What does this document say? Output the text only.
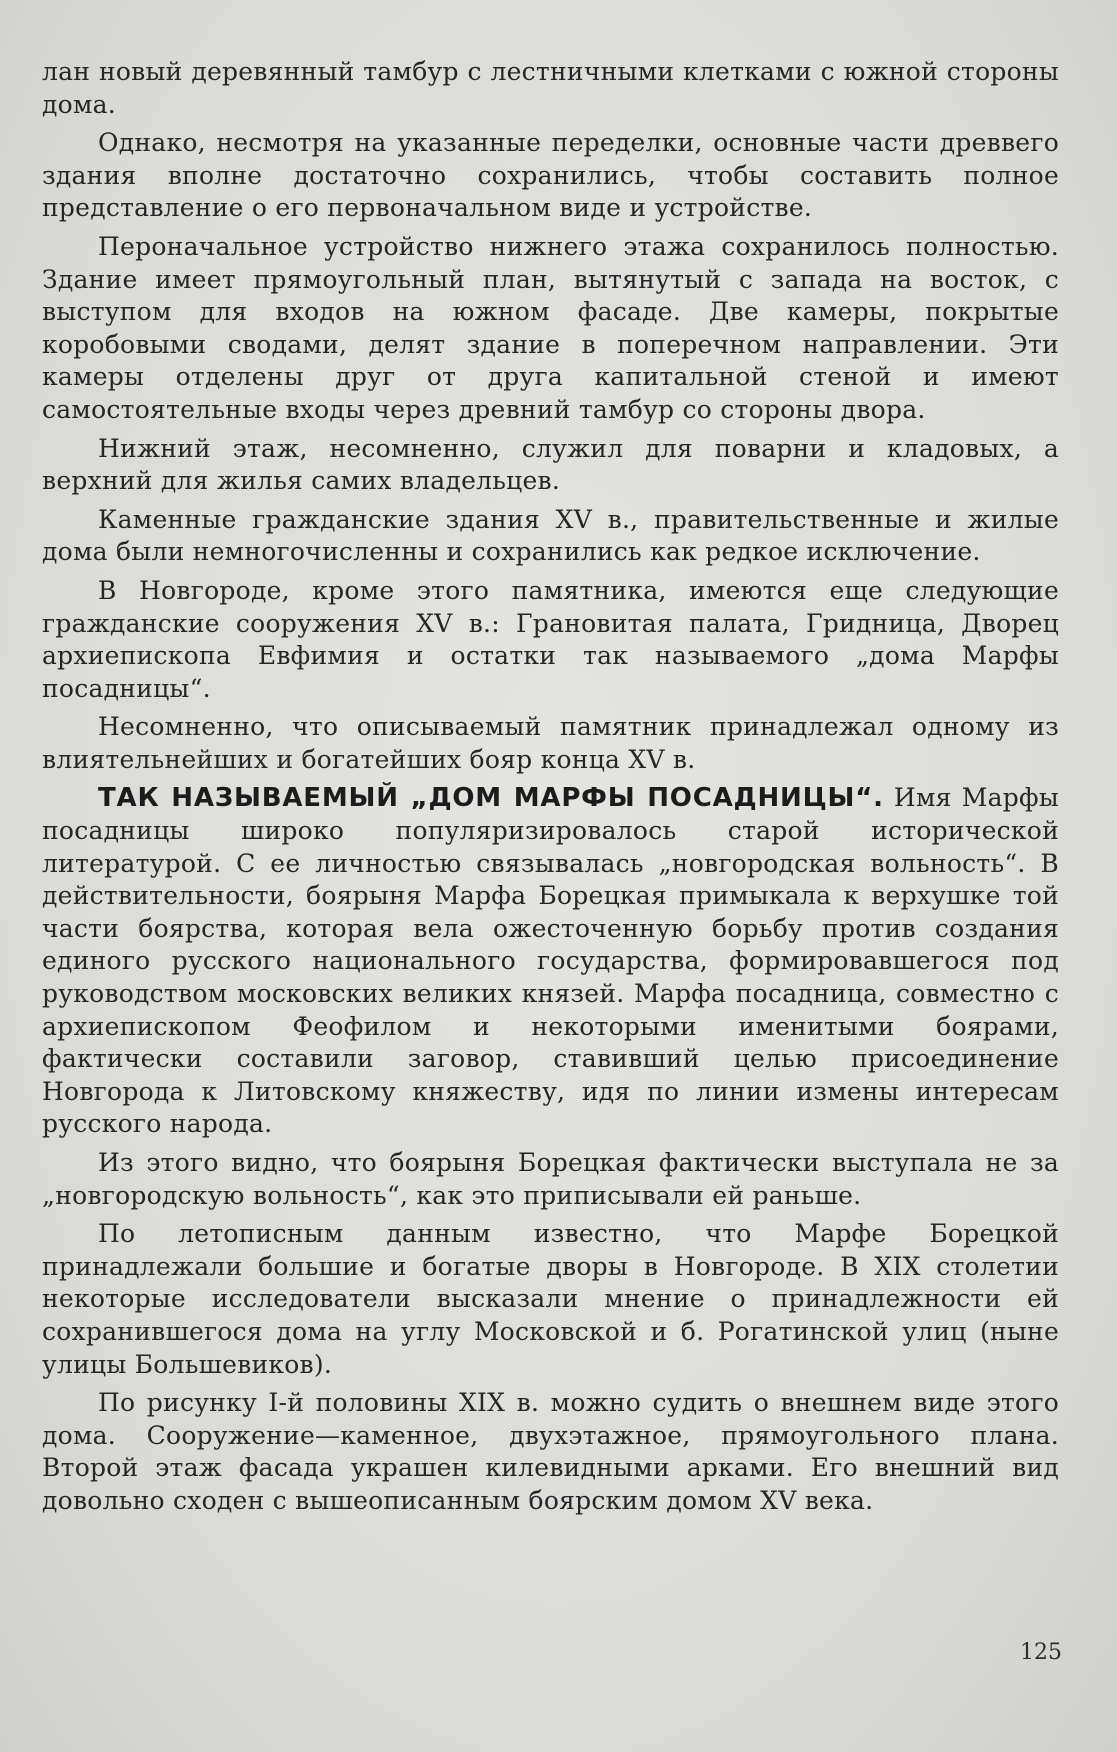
лан новый деревянный тамбур с лестничными клетками с южной стороны дома.

Однако, несмотря на указанные переделки, основные части древвего здания вполне достаточно сохранились, чтобы составить полное представление о его первоначальном виде и устройстве.

Перoначальное устройство нижнего этажа сохранилось полностью. Здание имеет прямоугольный план, вытянутый с запада на восток, с выступом для входов на южном фасаде. Две камеры, пoкрытые коробовыми сводами, делят здание в поперечном направлении. Эти камеры отделены друг от друга капитальной стеной и имеют самостоятельные входы через древний тамбур со стороны двора.

Нижний этаж, несомненно, служил для поварни и кладовых, а верхний для жилья самих владельцев.

Каменные гражданские здания XV в., правительственные и жилые дома были немногочисленны и сохранились как редкое исключение.

В Новгороде, кроме этого памятника, имеются еще следующие гражданские сооружения XV в.: Грановитая палата, Гридница, Дворец архиепископа Евфимия и остатки так называемого „дома Марфы посадницы“.

Несомненно, что описываемый памятник принадлежал одному из влиятельнейших и богатейших бояр конца XV в.

ТАК НАЗЫВАЕМЫЙ „ДОМ МАРФЫ ПОСАДНИЦЫ“. Имя Марфы посадницы широко популяризировалось старой исторической литературой. С ее личностью связывалась „новгородская вольность“. В действительности, боярыня Марфа Борецкая примыкала к верхушке той части боярства, которая вела ожесточенную борьбу против создания единого русского национального государства, формировавшегося под руководством московских великих князей. Марфа посадница, совместно с архиепископом Феофилом и некоторыми именитыми боярами, фактически составили заговор, ставивший целью присоединение Новгорода к Литовскому княжеству, идя по линии измены интересам русского народа.

Из этого видно, что боярыня Борецкая фактически выступала не за „новгородскую вольность“, как это приписывали ей раньше.

По летописным данным известно, что Марфе Борецкой принадлежали большие и богатые дворы в Новгороде. В XIX столетии некоторые исследователи высказали мнение о принадлежности ей сохранившегося дома на углу Московской и б. Рогатинской улиц (ныне улицы Большевиков).

По рисунку I-й половины XIX в. можно судить о внешнем виде этого дома. Сооружение—каменное, двухэтажное, прямоугольного плана. Второй этаж фасада украшен килевидными арками. Его внешний вид довольно сходен с вышеописанным боярским домом XV века.

125
